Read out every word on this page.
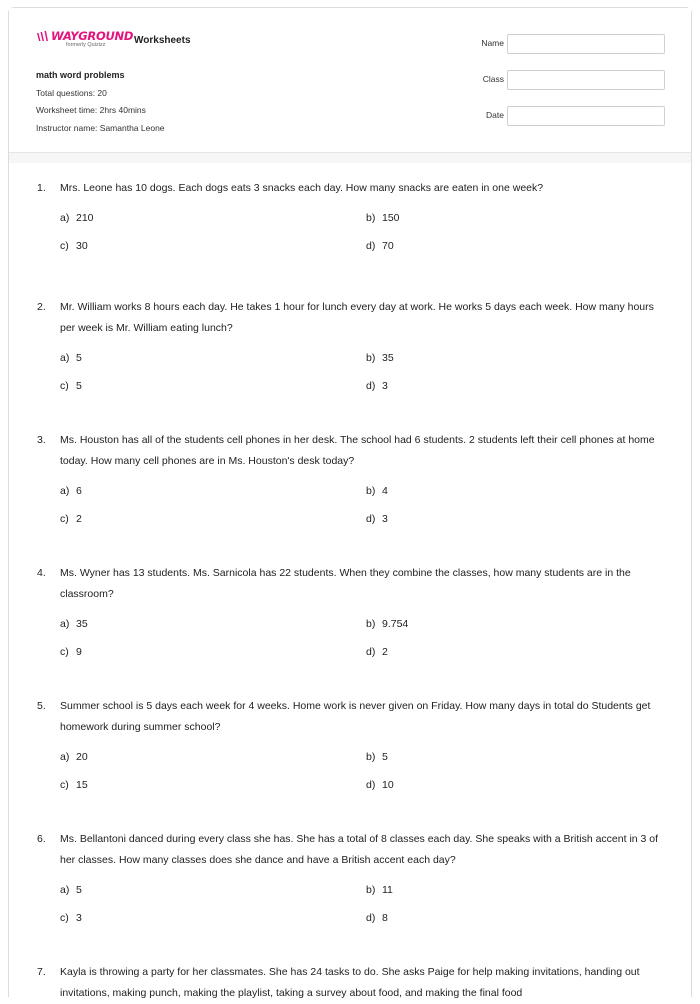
WAYGROUND
formerly Quizizz	Worksheets
math word problems
Total questions: 20
Worksheet time: 2hrs 40mins
Instructor name: Samantha Leone
Name
Class
Date
1.	Mrs. Leone has 10 dogs. Each dogs eats 3 snacks each day. How many snacks are eaten in one week?
a) 210	b) 150
c) 30	d) 70
2.	Mr. William works 8 hours each day. He takes 1 hour for lunch every day at work. He works 5 days each week. How many hours per week is Mr. William eating lunch?
a) 5	b) 35
c) 5	d) 3
3.	Ms. Houston has all of the students cell phones in her desk. The school had 6 students. 2 students left their cell phones at home today. How many cell phones are in Ms. Houston's desk today?
a) 6	b) 4
c) 2	d) 3
4.	Ms. Wyner has 13 students. Ms. Sarnicola has 22 students. When they combine the classes, how many students are in the classroom?
a) 35	b) 9.754
c) 9	d) 2
5.	Summer school is 5 days each week for 4 weeks. Home work is never given on Friday. How many days in total do Students get homework during summer school?
a) 20	b) 5
c) 15	d) 10
6.	Ms. Bellantoni danced during every class she has. She has a total of 8 classes each day. She speaks with a British accent in 3 of her classes. How many classes does she dance and have a British accent each day?
a) 5	b) 11
c) 3	d) 8
7.	Kayla is throwing a party for her classmates. She has 24 tasks to do. She asks Paige for help making invitations, handing out invitations, making punch, making the playlist, taking a survey about food, and making the final food
